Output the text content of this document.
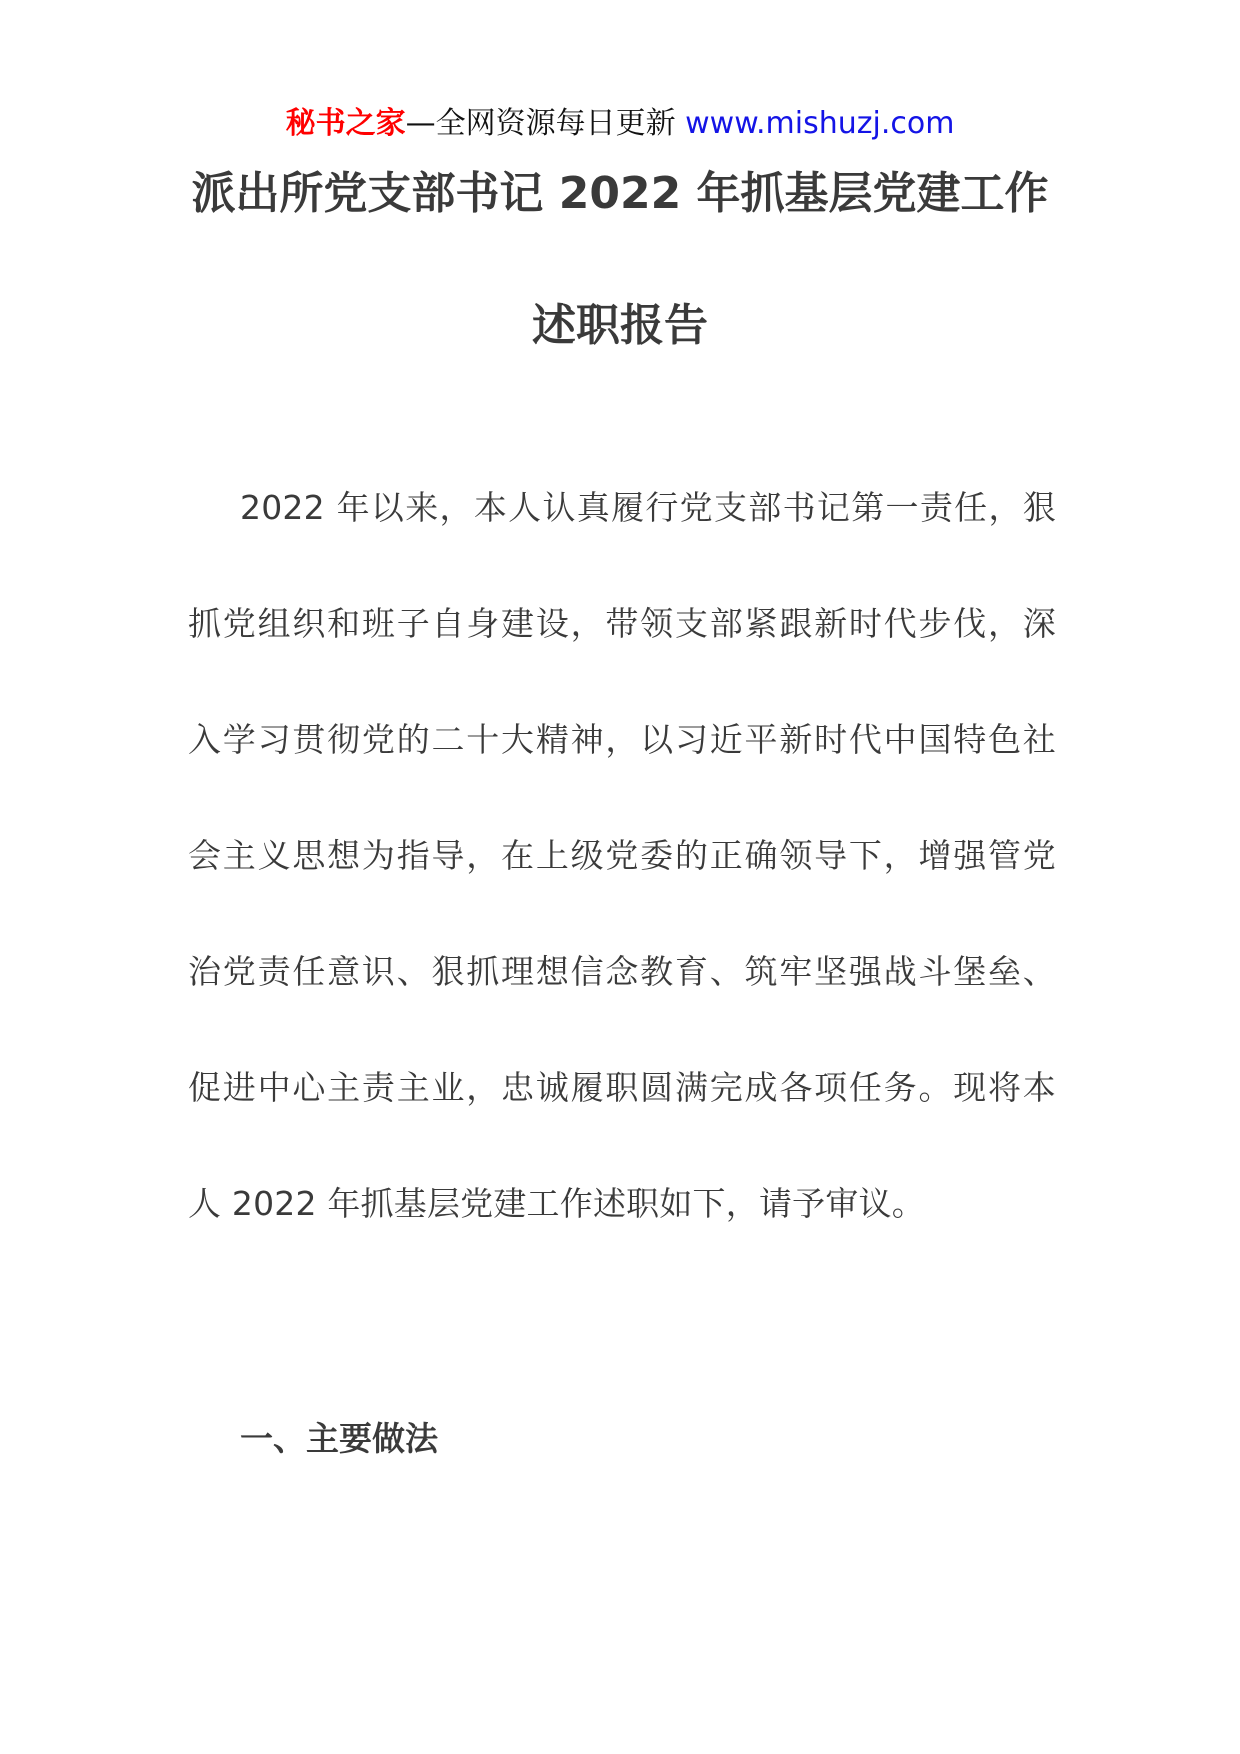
秘书之家—全网资源每日更新 www.mishuzj.com
派出所党支部书记 2022 年抓基层党建工作
述职报告
2022 年以来，本人认真履行党支部书记第一责任，狠
抓党组织和班子自身建设，带领支部紧跟新时代步伐，深
入学习贯彻党的二十大精神，以习近平新时代中国特色社
会主义思想为指导，在上级党委的正确领导下，增强管党
治党责任意识、狠抓理想信念教育、筑牢坚强战斗堡垒、
促进中心主责主业，忠诚履职圆满完成各项任务。现将本
人 2022 年抓基层党建工作述职如下，请予审议。
一、主要做法
